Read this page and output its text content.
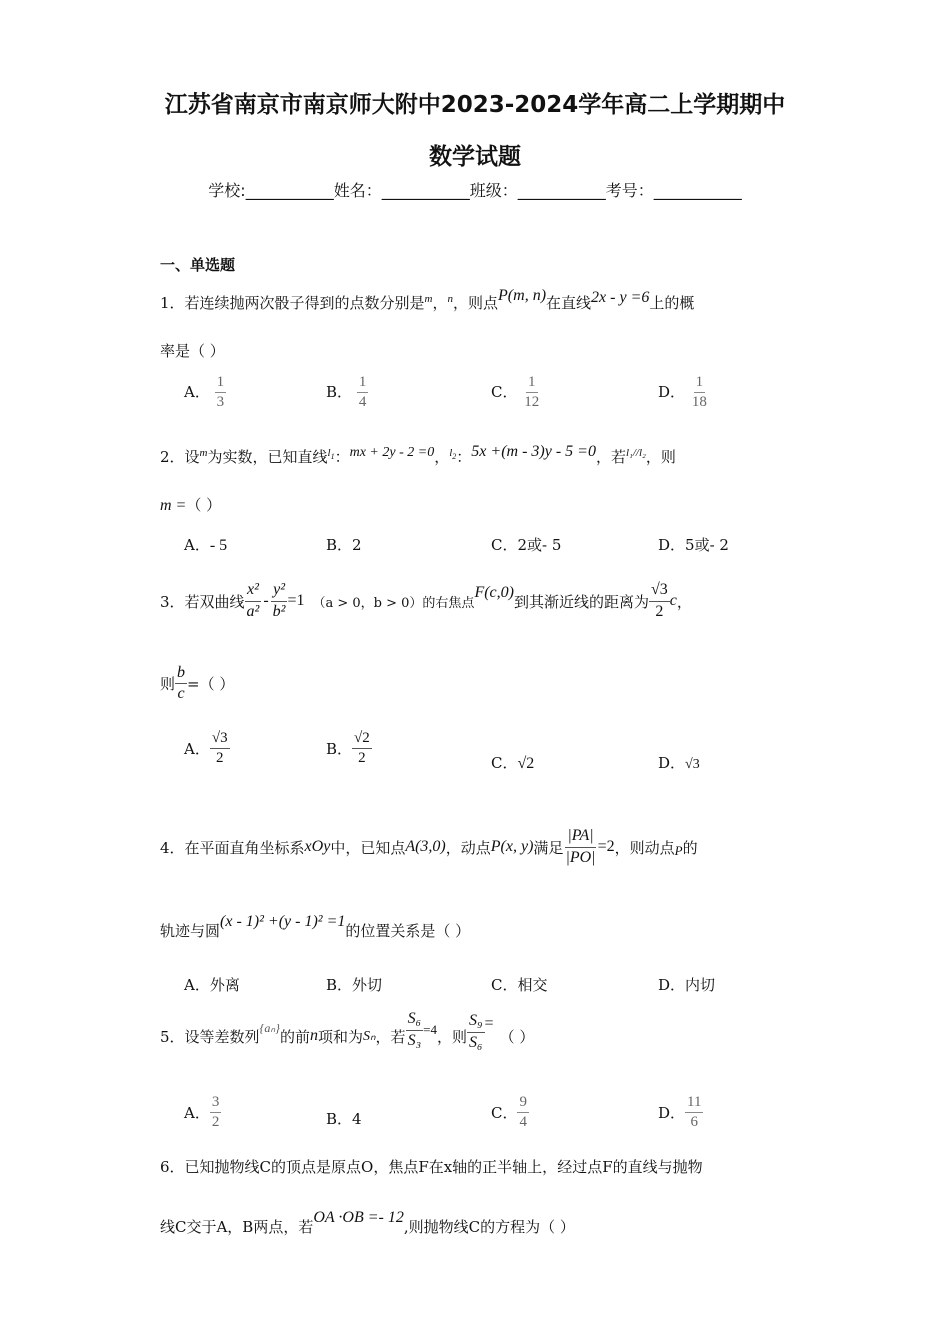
江苏省南京市南京师大附中2023-2024学年高二上学期期中
数学试题
学校:___________姓名：___________班级：___________考号：___________
一、单选题
1．若连续抛两次骰子得到的点数分别是$^m$，$^n$，则点P(m, n)在直线2x - y =6上的概
率是（ ）
A． $\frac{1}{3}$	B． $\frac{1}{4}$	C． $\frac{1}{12}$	D． $\frac{1}{18}$
2．设$^m$为实数，已知直线$^{l_1}$：mx + 2y - 2 =0，$^{l_2}$：5x +(m - 3)y - 5 =0，若$^{l_1//l_2}$，则
m =（ ）
A．- 5	B．2	C．2或- 5	D．5或- 2
3．若双曲线 $\frac{\text{x²}}{\text{a²}} - \frac{\text{y²}}{\text{b²}} =1$ （a > 0，b > 0）的右焦点
F(c,0) 到其渐近线的距离为 $\frac{√3}{2}$ c ，
则 $\frac{b}{c}$ =（ ）
A． $\frac{√3}{2}$	B． $\frac{√2}{2}$	C．√2	D．√3
4．在平面直角坐标系 xOy 中，已知点 A(3,0) ，动点 P(x, y) 满足 $\frac{|PA|}{|PO|} =2$ ，则动点 P 的
轨迹与圆(x - 1)² +(y - 1)² =1的位置关系是（ ）
A．外离	B．外切	C．相交	D．内切
5．设等差数列 {aₙ} 的前 n 项和为 Sₙ ，若 $\frac{\text{S₆}}{\text{S₃}} =4$ ，则 $\frac{\text{S₉}}{\text{S₆}}$ =
（ ）
A． $\frac{3}{2}$	B．4	C． $\frac{9}{4}$	D． $\frac{11}{6}$
6．已知抛物线C的顶点是原点O，焦点F在x轴的正半轴上，经过点F的直线与抛物
线C交于A，B两点，若OA ·OB =- 12,则抛物线C的方程为（ ）
